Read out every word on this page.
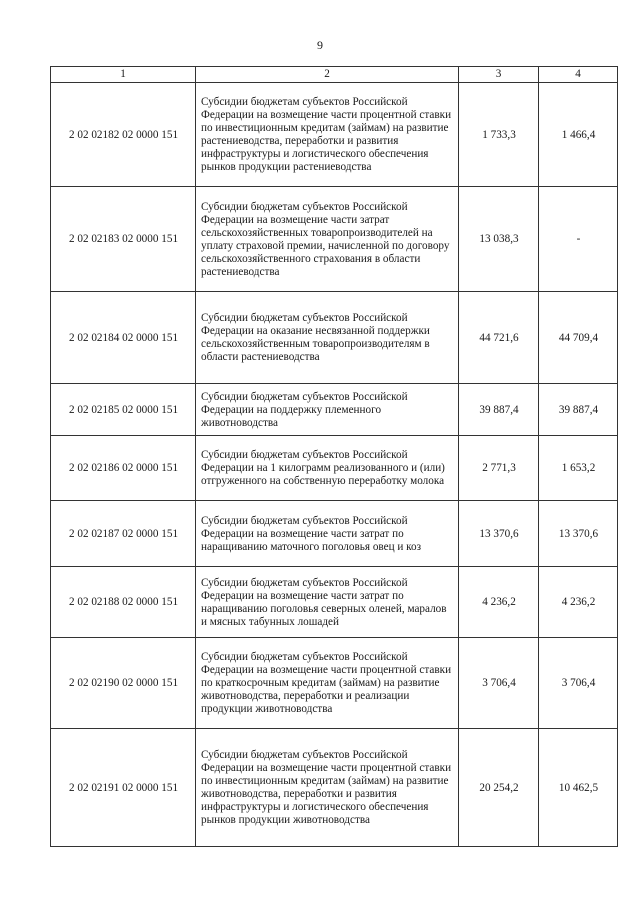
9
1	2	3	4
2 02 02182 02 0000 151	Субсидии бюджетам субъектов Российской Федерации на возмещение части процентной ставки по инвестиционным кредитам (займам) на развитие растениеводства, переработки и развития инфраструктуры и логистического обеспечения рынков продукции растениеводства	1 733,3	1 466,4
2 02 02183 02 0000 151	Субсидии бюджетам субъектов Российской Федерации на возмещение части затрат сельскохозяйственных товаропроизводителей на уплату страховой премии, начисленной по договору сельскохозяйственного страхования в области растениеводства	13 038,3	-
2 02 02184 02 0000 151	Субсидии бюджетам субъектов Российской Федерации на оказание несвязанной поддержки сельскохозяйственным товаропроизводителям в области растениеводства	44 721,6	44 709,4
2 02 02185 02 0000 151	Субсидии бюджетам субъектов Российской Федерации на поддержку племенного животноводства	39 887,4	39 887,4
2 02 02186 02 0000 151	Субсидии бюджетам субъектов Российской Федерации на 1 килограмм реализованного и (или) отгруженного на собственную переработку молока	2 771,3	1 653,2
2 02 02187 02 0000 151	Субсидии бюджетам субъектов Российской Федерации на возмещение части затрат по наращиванию маточного поголовья овец и коз	13 370,6	13 370,6
2 02 02188 02 0000 151	Субсидии бюджетам субъектов Российской Федерации на возмещение части затрат по наращиванию поголовья северных оленей, маралов и мясных табунных лошадей	4 236,2	4 236,2
2 02 02190 02 0000 151	Субсидии бюджетам субъектов Российской Федерации на возмещение части процентной ставки по краткосрочным кредитам (займам) на развитие животноводства, переработки и реализации продукции животноводства	3 706,4	3 706,4
2 02 02191 02 0000 151	Субсидии бюджетам субъектов Российской Федерации на возмещение части процентной ставки по инвестиционным кредитам (займам) на развитие животноводства, переработки и развития инфраструктуры и логистического обеспечения рынков продукции животноводства	20 254,2	10 462,5
